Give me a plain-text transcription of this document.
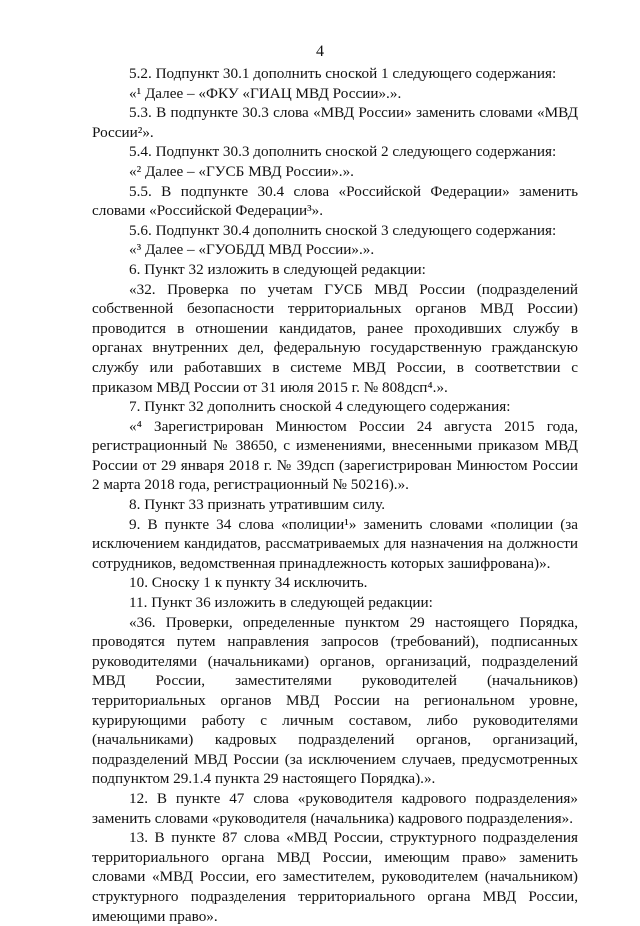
4

5.2. Подпункт 30.1 дополнить сноской 1 следующего содержания:

«¹ Далее – «ФКУ «ГИАЦ МВД России».».

5.3. В подпункте 30.3 слова «МВД России» заменить словами «МВД России²».

5.4. Подпункт 30.3 дополнить сноской 2 следующего содержания:

«² Далее – «ГУСБ МВД России».».

5.5. В подпункте 30.4 слова «Российской Федерации» заменить словами «Российской Федерации³».

5.6. Подпункт 30.4 дополнить сноской 3 следующего содержания:

«³ Далее – «ГУОБДД МВД России».».

6. Пункт 32 изложить в следующей редакции:

«32. Проверка по учетам ГУСБ МВД России (подразделений собственной безопасности территориальных органов МВД России) проводится в отношении кандидатов, ранее проходивших службу в органах внутренних дел, федеральную государственную гражданскую службу или работавших в системе МВД России, в соответствии с приказом МВД России от 31 июля 2015 г. № 808дсп⁴.».

7. Пункт 32 дополнить сноской 4 следующего содержания:

«⁴ Зарегистрирован Минюстом России 24 августа 2015 года, регистрационный № 38650, с изменениями, внесенными приказом МВД России от 29 января 2018 г. № 39дсп (зарегистрирован Минюстом России 2 марта 2018 года, регистрационный № 50216).».

8. Пункт 33 признать утратившим силу.

9. В пункте 34 слова «полиции¹» заменить словами «полиции (за исключением кандидатов, рассматриваемых для назначения на должности сотрудников, ведомственная принадлежность которых зашифрована)».

10. Сноску 1 к пункту 34 исключить.

11. Пункт 36 изложить в следующей редакции:

«36. Проверки, определенные пунктом 29 настоящего Порядка, проводятся путем направления запросов (требований), подписанных руководителями (начальниками) органов, организаций, подразделений МВД России, заместителями руководителей (начальников) территориальных органов МВД России на региональном уровне, курирующими работу с личным составом, либо руководителями (начальниками) кадровых подразделений органов, организаций, подразделений МВД России (за исключением случаев, предусмотренных подпунктом 29.1.4 пункта 29 настоящего Порядка).».

12. В пункте 47 слова «руководителя кадрового подразделения» заменить словами «руководителя (начальника) кадрового подразделения».

13. В пункте 87 слова «МВД России, структурного подразделения территориального органа МВД России, имеющим право» заменить словами «МВД России, его заместителем, руководителем (начальником) структурного подразделения территориального органа МВД России, имеющими право».
